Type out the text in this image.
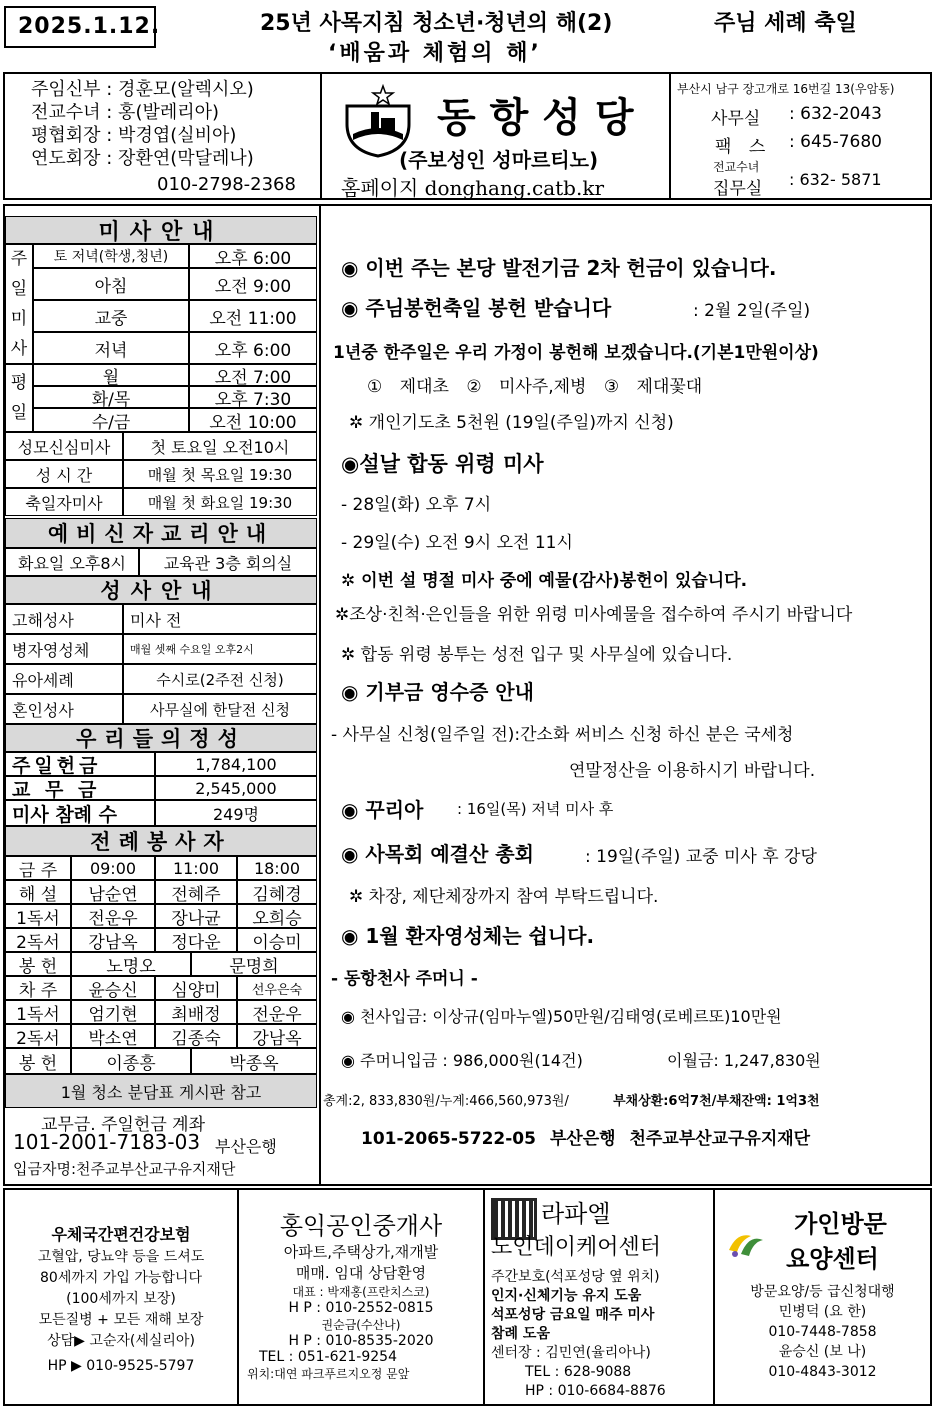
2025.1.12.	25년 사목지침 청소년·청년의 해(2)
‘배움과 체험의 해’
주님 세례 축일
주임신부 : 경훈모(알렉시오)
전교수녀 : 홍(발레리아)
평협회장 : 박경엽(실비아)
연도회장 : 장환연(막달레나)
010-2798-2368
동항성당
(주보성인 성마르티노)
홈페이지 donghang.catb.kr
부산시 남구 장고개로 16번길 13(우암동)
사무실 : 632-2043
팩 스 : 645-7680
전교수녀
집무실 : 632- 5871
미사안내
주
일
미
사
평
일
토 저녁(학생,청년)	오후 6:00
아침	오전 9:00
교중	오전 11:00
저녁	오후 6:00
월	오전 7:00
화/목	오후 7:30
수/금	오전 10:00
성모신심미사	첫 토요일 오전10시
성 시 간	매월 첫 목요일 19:30
축일자미사	매월 첫 화요일 19:30
예비신자교리안내
화요일 오후8시	교육관 3층 회의실
성사안내
고해성사	미사 전
병자영성체	매월 셋째 수요일 오후2시
유아세례	수시로(2주전 신청)
혼인성사	사무실에 한달전 신청
우리들의정성
주일헌금	1,784,100
교 무 금	2,545,000
미사 참례 수	249명
전례봉사자
금 주	09:00	11:00	18:00
해 설	남순연	전혜주	김혜경
1독서	전운우	장나균	오희승
2독서	강남옥	정다운	이승미
봉 헌	노명오	문명희
차 주	윤승신	심양미	선우은숙
1독서	엄기현	최배정	전운우
2독서	박소연	김종숙	강남옥
봉 헌	이종흥	박종옥
1월 청소 분담표 게시판 참고
교무금. 주일헌금 계좌
101-2001-7183-03 부산은행
입금자명:천주교부산교구유지재단
◉ 이번 주는 본당 발전기금 2차 헌금이 있습니다.
◉ 주님봉헌축일 봉헌 받습니다	: 2월 2일(주일)
1년중 한주일은 우리 가정이 봉헌해 보겠습니다.(기본1만원이상)
① 제대초 ② 미사주,제병 ③ 제대꽃대
✲ 개인기도초 5천원 (19일(주일)까지 신청)
◉설날 합동 위령 미사
- 28일(화) 오후 7시
- 29일(수) 오전 9시 오전 11시
✲ 이번 설 명절 미사 중에 예물(감사)봉헌이 있습니다.
✲조상·친척·은인들을 위한 위령 미사예물을 접수하여 주시기 바랍니다
✲ 합동 위령 봉투는 성전 입구 및 사무실에 있습니다.
◉ 기부금 영수증 안내
- 사무실 신청(일주일 전):간소화 써비스 신청 하신 분은 국세청
연말정산을 이용하시기 바랍니다.
◉ 꾸리아 : 16일(목) 저녁 미사 후
◉ 사목회 예결산 총회	: 19일(주일) 교중 미사 후 강당
✲ 차장, 제단체장까지 참여 부탁드립니다.
◉ 1월 환자영성체는 쉽니다.
- 동항천사 주머니 -
◉ 천사입금: 이상규(임마누엘)50만원/김태영(로베르또)10만원
◉ 주머니입금 : 986,000원(14건)	이월금: 1,247,830원
총계:2, 833,830원/누계:466,560,973원/	부채상환:6억7천/부채잔액: 1억3천
101-2065-5722-05 부산은행 천주교부산교구유지재단
우체국간편건강보험
고혈압, 당뇨약 등을 드셔도
80세까지 가입 가능합니다
(100세까지 보장)
모든질병 + 모든 재해 보장
상담▶ 고순자(세실리아)
HP ▶ 010-9525-5797
홍익공인중개사
아파트,주택상가,재개발
매매. 임대 상담환영
대표 : 박재홍(프란치스코)
H P : 010-2552-0815
권순금(수산나)
H P : 010-8535-2020
TEL : 051-621-9254
위치:대연 파크푸르지오정 문앞
라파엘
노인데이케어센터
주간보호(석포성당 옆 위치)
인지·신체기능 유지 도움
석포성당 금요일 매주 미사
참례 도움
센터장 : 김민연(율리아나)
TEL : 628-9088
HP : 010-6684-8876
가인방문
요양센터
방문요양/등 급신청대행
민병덕 (요 한)
010-7448-7858
윤승신 (보 나)
010-4843-3012
